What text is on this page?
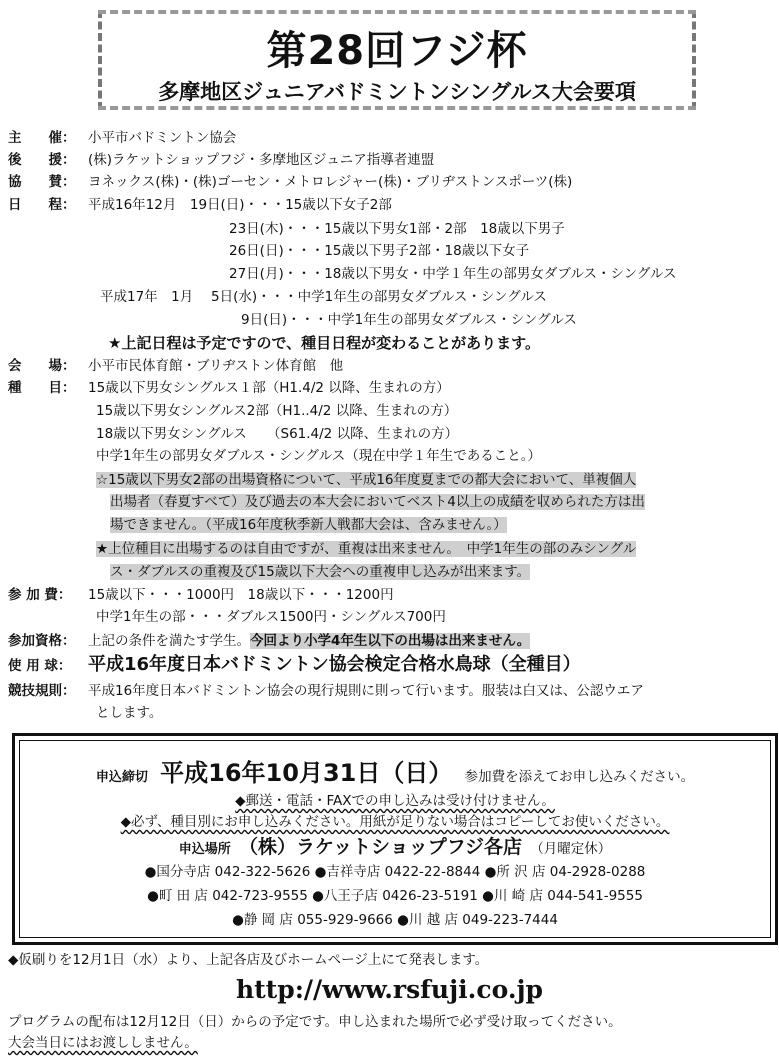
第28回フジ杯
多摩地区ジュニアバドミントンシングルス大会要項
主　　催： 小平市バドミントン協会
後　　援： (株)ラケットショップフジ・多摩地区ジュニア指導者連盟
協　　賛： ヨネックス(株)・(株)ゴーセン・メトロレジャー(株)・ブリヂストンスポーツ(株)
日　　程： 平成16年12月　19日(日)・・・15歳以下女子2部
23日(木)・・・15歳以下男女1部・2部　18歳以下男子
26日(日)・・・15歳以下男子2部・18歳以下女子
27日(月)・・・18歳以下男女・中学１年生の部男女ダブルス・シングルス
平成17年　1月　 5日(水)・・・中学1年生の部男女ダブルス・シングルス
9日(日)・・・中学1年生の部男女ダブルス・シングルス
★上記日程は予定ですので、種目日程が変わることがあります。
会　　場： 小平市民体育館・ブリヂストン体育館　他
種　　目： 15歳以下男女シングルス１部（H1.4/2 以降、生まれの方）
15歳以下男女シングルス2部（H1..4/2 以降、生まれの方）
18歳以下男女シングルス　　（S61.4/2 以降、生まれの方）
中学1年生の部男女ダブルス・シングルス（現在中学１年生であること。）
☆15歳以下男女2部の出場資格について、平成16年度夏までの都大会において、単複個人
出場者（春夏すべて）及び過去の本大会においてベスト4以上の成績を収められた方は出
場できません。（平成16年度秋季新人戦都大会は、含みません。）
★上位種目に出場するのは自由ですが、重複は出来ません。　中学1年生の部のみシングル
ス・ダブルスの重複及び15歳以下大会への重複申し込みが出来ます。
参 加 費： 15歳以下・・・1000円　18歳以下・・・1200円
中学1年生の部・・・ダブルス1500円・シングルス700円
参加資格： 上記の条件を満たす学生。今回より小学4年生以下の出場は出来ません。
使 用 球： 平成16年度日本バドミントン協会検定合格水鳥球（全種目）
競技規則： 平成16年度日本バドミントン協会の現行規則に則って行います。服装は白又は、公認ウエア
とします。
申込締切 平成16年10月31日（日） 参加費を添えてお申し込みください。
◆郵送・電話・FAXでの申し込みは受け付けません。
◆必ず、種目別にお申し込みください。用紙が足りない場合はコピーしてお使いください。
申込場所 （株）ラケットショップフジ各店 （月曜定休）
●国分寺店 042-322-5626 ●吉祥寺店 0422-22-8844 ●所 沢 店 04-2928-0288
●町 田 店 042-723-9555 ●八王子店 0426-23-5191 ●川 崎 店 044-541-9555
●静 岡 店 055-929-9666 ●川 越 店 049-223-7444
◆仮刷りを12月1日（水）より、上記各店及びホームページ上にて発表します。
http://www.rsfuji.co.jp
プログラムの配布は12月12日（日）からの予定です。申し込まれた場所で必ず受け取ってください。
大会当日にはお渡ししません。
